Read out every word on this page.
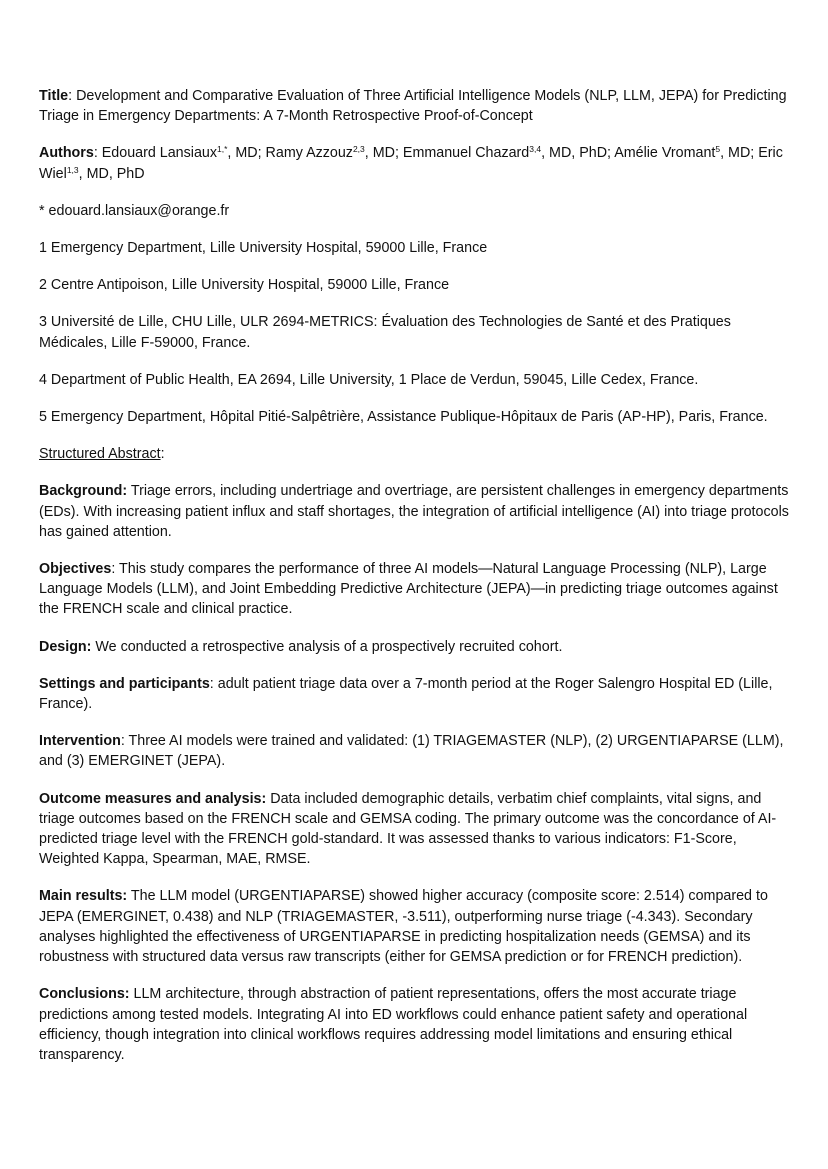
Title: Development and Comparative Evaluation of Three Artificial Intelligence Models (NLP, LLM, JEPA) for Predicting Triage in Emergency Departments: A 7-Month Retrospective Proof-of-Concept

Authors: Edouard Lansiaux$^{1,*}$, MD; Ramy Azzouz$^{2,3}$, MD; Emmanuel Chazard$^{3,4}$, MD, PhD; Amélie Vromant$^5$, MD; Eric Wiel$^{1,3}$, MD, PhD

* edouard.lansiaux@orange.fr

1 Emergency Department, Lille University Hospital, 59000 Lille, France

2 Centre Antipoison, Lille University Hospital, 59000 Lille, France

3 Université de Lille, CHU Lille, ULR 2694-METRICS: Évaluation des Technologies de Santé et des Pratiques Médicales, Lille F-59000, France.

4 Department of Public Health, EA 2694, Lille University, 1 Place de Verdun, 59045, Lille Cedex, France.

5 Emergency Department, Hôpital Pitié-Salpêtrière, Assistance Publique-Hôpitaux de Paris (AP-HP), Paris, France.

Structured Abstract:

Background: Triage errors, including undertriage and overtriage, are persistent challenges in emergency departments (EDs). With increasing patient influx and staff shortages, the integration of artificial intelligence (AI) into triage protocols has gained attention.

Objectives: This study compares the performance of three AI models—Natural Language Processing (NLP), Large Language Models (LLM), and Joint Embedding Predictive Architecture (JEPA)—in predicting triage outcomes against the FRENCH scale and clinical practice.

Design: We conducted a retrospective analysis of a prospectively recruited cohort.

Settings and participants: adult patient triage data over a 7-month period at the Roger Salengro Hospital ED (Lille, France).

Intervention: Three AI models were trained and validated: (1) TRIAGEMASTER (NLP), (2) URGENTIAPARSE (LLM), and (3) EMERGINET (JEPA).

Outcome measures and analysis: Data included demographic details, verbatim chief complaints, vital signs, and triage outcomes based on the FRENCH scale and GEMSA coding. The primary outcome was the concordance of AI-predicted triage level with the FRENCH gold-standard. It was assessed thanks to various indicators: F1-Score, Weighted Kappa, Spearman, MAE, RMSE.

Main results: The LLM model (URGENTIAPARSE) showed higher accuracy (composite score: 2.514) compared to JEPA (EMERGINET, 0.438) and NLP (TRIAGEMASTER, -3.511), outperforming nurse triage (-4.343). Secondary analyses highlighted the effectiveness of URGENTIAPARSE in predicting hospitalization needs (GEMSA) and its robustness with structured data versus raw transcripts (either for GEMSA prediction or for FRENCH prediction).

Conclusions: LLM architecture, through abstraction of patient representations, offers the most accurate triage predictions among tested models. Integrating AI into ED workflows could enhance patient safety and operational efficiency, though integration into clinical workflows requires addressing model limitations and ensuring ethical transparency.
